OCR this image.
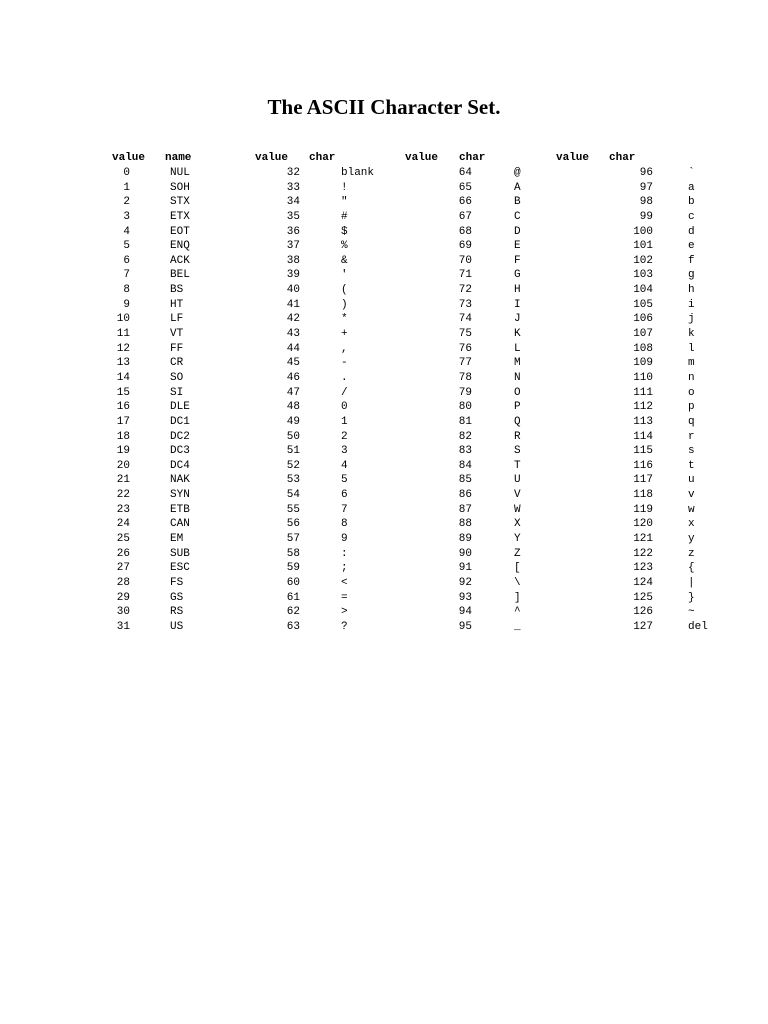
The ASCII Character Set.
value name	value char	value char	value char
0	NUL	32	blank	64	@	96	`
1	SOH	33	!	65	A	97	a
2	STX	34	"	66	B	98	b
3	ETX	35	#	67	C	99	c
4	EOT	36	$	68	D	100	d
5	ENQ	37	%	69	E	101	e
6	ACK	38	&	70	F	102	f
7	BEL	39	'	71	G	103	g
8	BS	40	(	72	H	104	h
9	HT	41	)	73	I	105	i
10	LF	42	*	74	J	106	j
11	VT	43	+	75	K	107	k
12	FF	44	,	76	L	108	l
13	CR	45	-	77	M	109	m
14	SO	46	.	78	N	110	n
15	SI	47	/	79	O	111	o
16	DLE	48	0	80	P	112	p
17	DC1	49	1	81	Q	113	q
18	DC2	50	2	82	R	114	r
19	DC3	51	3	83	S	115	s
20	DC4	52	4	84	T	116	t
21	NAK	53	5	85	U	117	u
22	SYN	54	6	86	V	118	v
23	ETB	55	7	87	W	119	w
24	CAN	56	8	88	X	120	x
25	EM	57	9	89	Y	121	y
26	SUB	58	:	90	Z	122	z
27	ESC	59	;	91	[	123	{
28	FS	60	<	92	\	124	|
29	GS	61	=	93	]	125	}
30	RS	62	>	94	^	126	~
31	US	63	?	95	_	127	del
